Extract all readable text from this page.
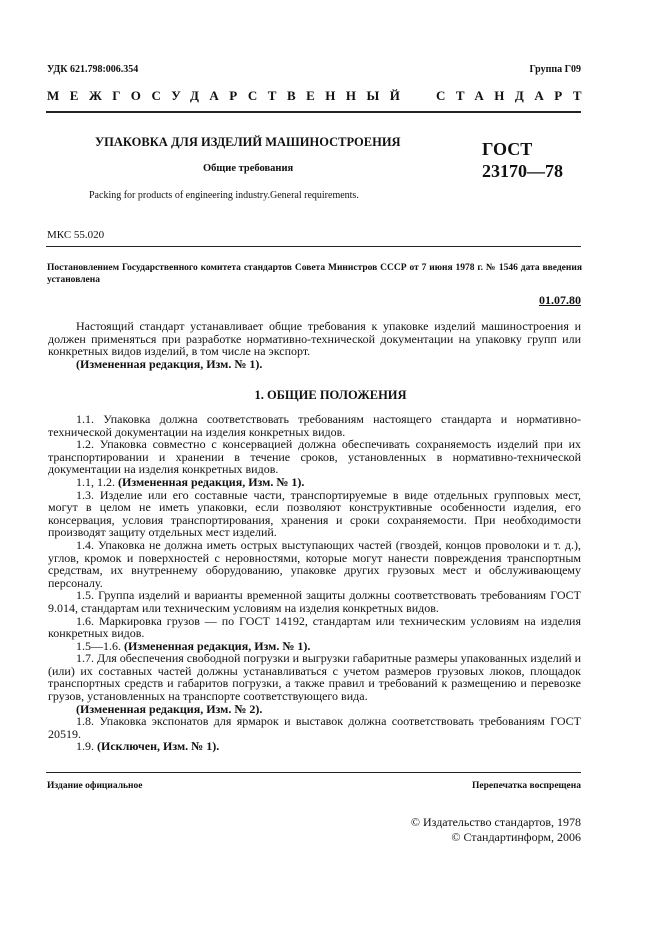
УДК 621.798:006.354	Группа Г09
МЕЖГОСУДАРСТВЕННЫЙ СТАНДАРТ
УПАКОВКА ДЛЯ ИЗДЕЛИЙ МАШИНОСТРОЕНИЯ
Общие требования
Packing for products of engineering industry.General requirements.
ГОСТ
23170—78
МКС 55.020
Постановлением Государственного комитета стандартов Совета Министров СССР от 7 июня 1978 г. № 1546 дата введения установлена
01.07.80

Настоящий стандарт устанавливает общие требования к упаковке изделий машиностроения и должен применяться при разработке нормативно-технической документации на упаковку групп или конкретных видов изделий, в том числе на экспорт.

(Измененная редакция, Изм. № 1).

1. ОБЩИЕ ПОЛОЖЕНИЯ

1.1. Упаковка должна соответствовать требованиям настоящего стандарта и нормативно-технической документации на изделия конкретных видов.

1.2. Упаковка совместно с консервацией должна обеспечивать сохраняемость изделий при их транспортировании и хранении в течение сроков, установленных в нормативно-технической документации на изделия конкретных видов.

1.1, 1.2. (Измененная редакция, Изм. № 1).

1.3. Изделие или его составные части, транспортируемые в виде отдельных групповых мест, могут в целом не иметь упаковки, если позволяют конструктивные особенности изделия, его консервация, условия транспортирования, хранения и сроки сохраняемости. При необходимости производят защиту отдельных мест изделий.

1.4. Упаковка не должна иметь острых выступающих частей (гвоздей, концов проволоки и т. д.), углов, кромок и поверхностей с неровностями, которые могут нанести повреждения транспортным средствам, их внутреннему оборудованию, упаковке других грузовых мест и обслуживающему персоналу.

1.5. Группа изделий и варианты временной защиты должны соответствовать требованиям ГОСТ 9.014, стандартам или техническим условиям на изделия конкретных видов.

1.6. Маркировка грузов — по ГОСТ 14192, стандартам или техническим условиям на изделия конкретных видов.

1.5—1.6. (Измененная редакция, Изм. № 1).

1.7. Для обеспечения свободной погрузки и выгрузки габаритные размеры упакованных изделий и (или) их составных частей должны устанавливаться с учетом размеров грузовых люков, площадок транспортных средств и габаритов погрузки, а также правил и требований к размещению и перевозке грузов, установленных на транспорте соответствующего вида.

(Измененная редакция, Изм. № 2).

1.8. Упаковка экспонатов для ярмарок и выставок должна соответствовать требованиям ГОСТ 20519.

1.9. (Исключен, Изм. № 1).

Издание официальное	Перепечатка воспрещена
© Издательство стандартов, 1978
© Стандартинформ, 2006
